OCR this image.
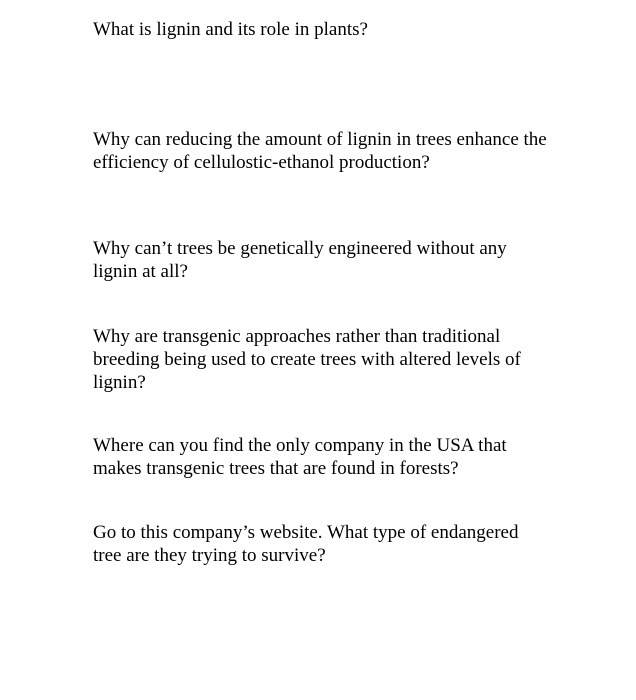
What is lignin and its role in plants?

Why can reducing the amount of lignin in trees enhance the
efficiency of cellulostic-ethanol production?

Why can’t trees be genetically engineered without any
lignin at all?

Why are transgenic approaches rather than traditional
breeding being used to create trees with altered levels of
lignin?

Where can you find the only company in the USA that
makes transgenic trees that are found in forests?

Go to this company’s website. What type of endangered
tree are they trying to survive?
